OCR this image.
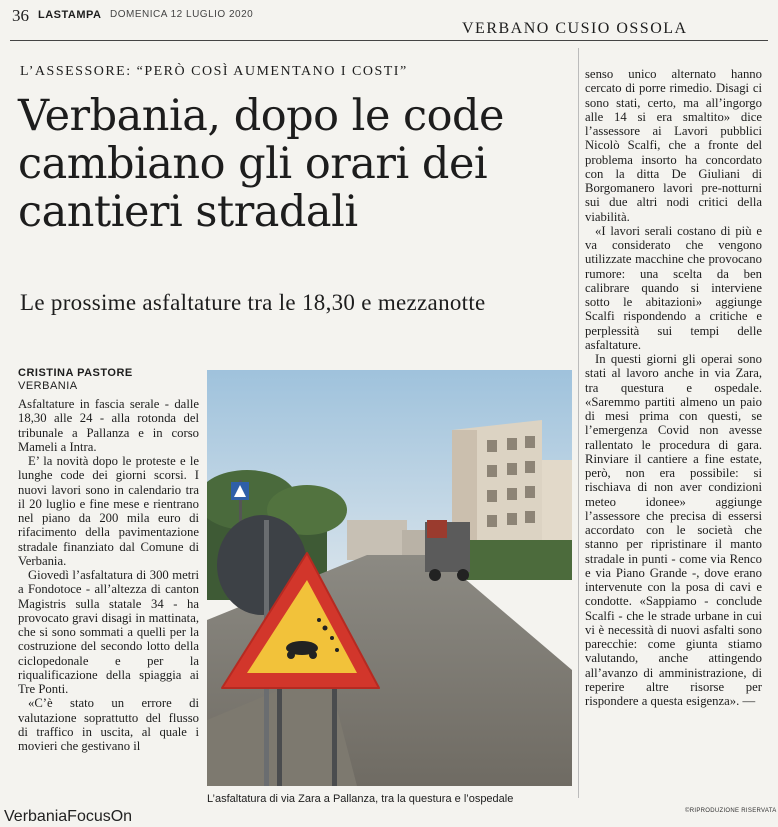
36 LASTAMPA DOMENICA 12 LUGLIO 2020
VERBANO CUSIO OSSOLA
L’ASSESSORE: “PERÒ COSÌ AUMENTANO I COSTI”
Verbania, dopo le code cambiano gli orari dei cantieri stradali
Le prossime asfaltature tra le 18,30 e mezzanotte
CRISTINA PASTORE
VERBANIA

Asfaltature in fascia serale - dalle 18,30 alle 24 - alla rotonda del tribunale a Pallanza e in corso Mameli a Intra.

E’ la novità dopo le proteste e le lunghe code dei giorni scorsi. I nuovi lavori sono in calendario tra il 20 luglio e fine mese e rientrano nel piano da 200 mila euro di rifacimento della pavimentazione stradale finanziato dal Comune di Verbania.

Giovedì l’asfaltatura di 300 metri a Fondotoce - all’altezza di canton Magistris sulla statale 34 - ha provocato gravi disagi in mattinata, che si sono sommati a quelli per la costruzione del secondo lotto della ciclopedonale e per la riqualificazione della spiaggia ai Tre Ponti.

«C’è stato un errore di valutazione soprattutto del flusso di traffico in uscita, al quale i movieri che gestivano il

senso unico alternato hanno cercato di porre rimedio. Disagi ci sono stati, certo, ma all’ingorgo alle 14 si era smaltito» dice l’assessore ai Lavori pubblici Nicolò Scalfi, che a fronte del problema insorto ha concordato con la ditta De Giuliani di Borgomanero lavori pre-notturni sui due altri nodi critici della viabilità.

«I lavori serali costano di più e va considerato che vengono utilizzate macchine che provocano rumore: una scelta da ben calibrare quando si interviene sotto le abitazioni» aggiunge Scalfi rispondendo a critiche e perplessità sui tempi delle asfaltature.

In questi giorni gli operai sono stati al lavoro anche in via Zara, tra questura e ospedale. «Saremmo partiti almeno un paio di mesi prima con questi, se l’emergenza Covid non avesse rallentato le procedura di gara. Rinviare il cantiere a fine estate, però, non era possibile: si rischiava di non aver condizioni meteo idonee» aggiunge l’assessore che precisa di essersi accordato con le società che stanno per ripristinare il manto stradale in punti - come via Renco e via Piano Grande -, dove erano intervenute con la posa di cavi e condotte. «Sappiamo - conclude Scalfi - che le strade urbane in cui vi è necessità di nuovi asfalti sono parecchie: come giunta stiamo valutando, anche attingendo all’avanzo di amministrazione, di reperire altre risorse per rispondere a questa esigenza». —

L’asfaltatura di via Zara a Pallanza, tra la questura e l’ospedale
©RIPRODUZIONE RISERVATA
VerbaniaFocusOn
